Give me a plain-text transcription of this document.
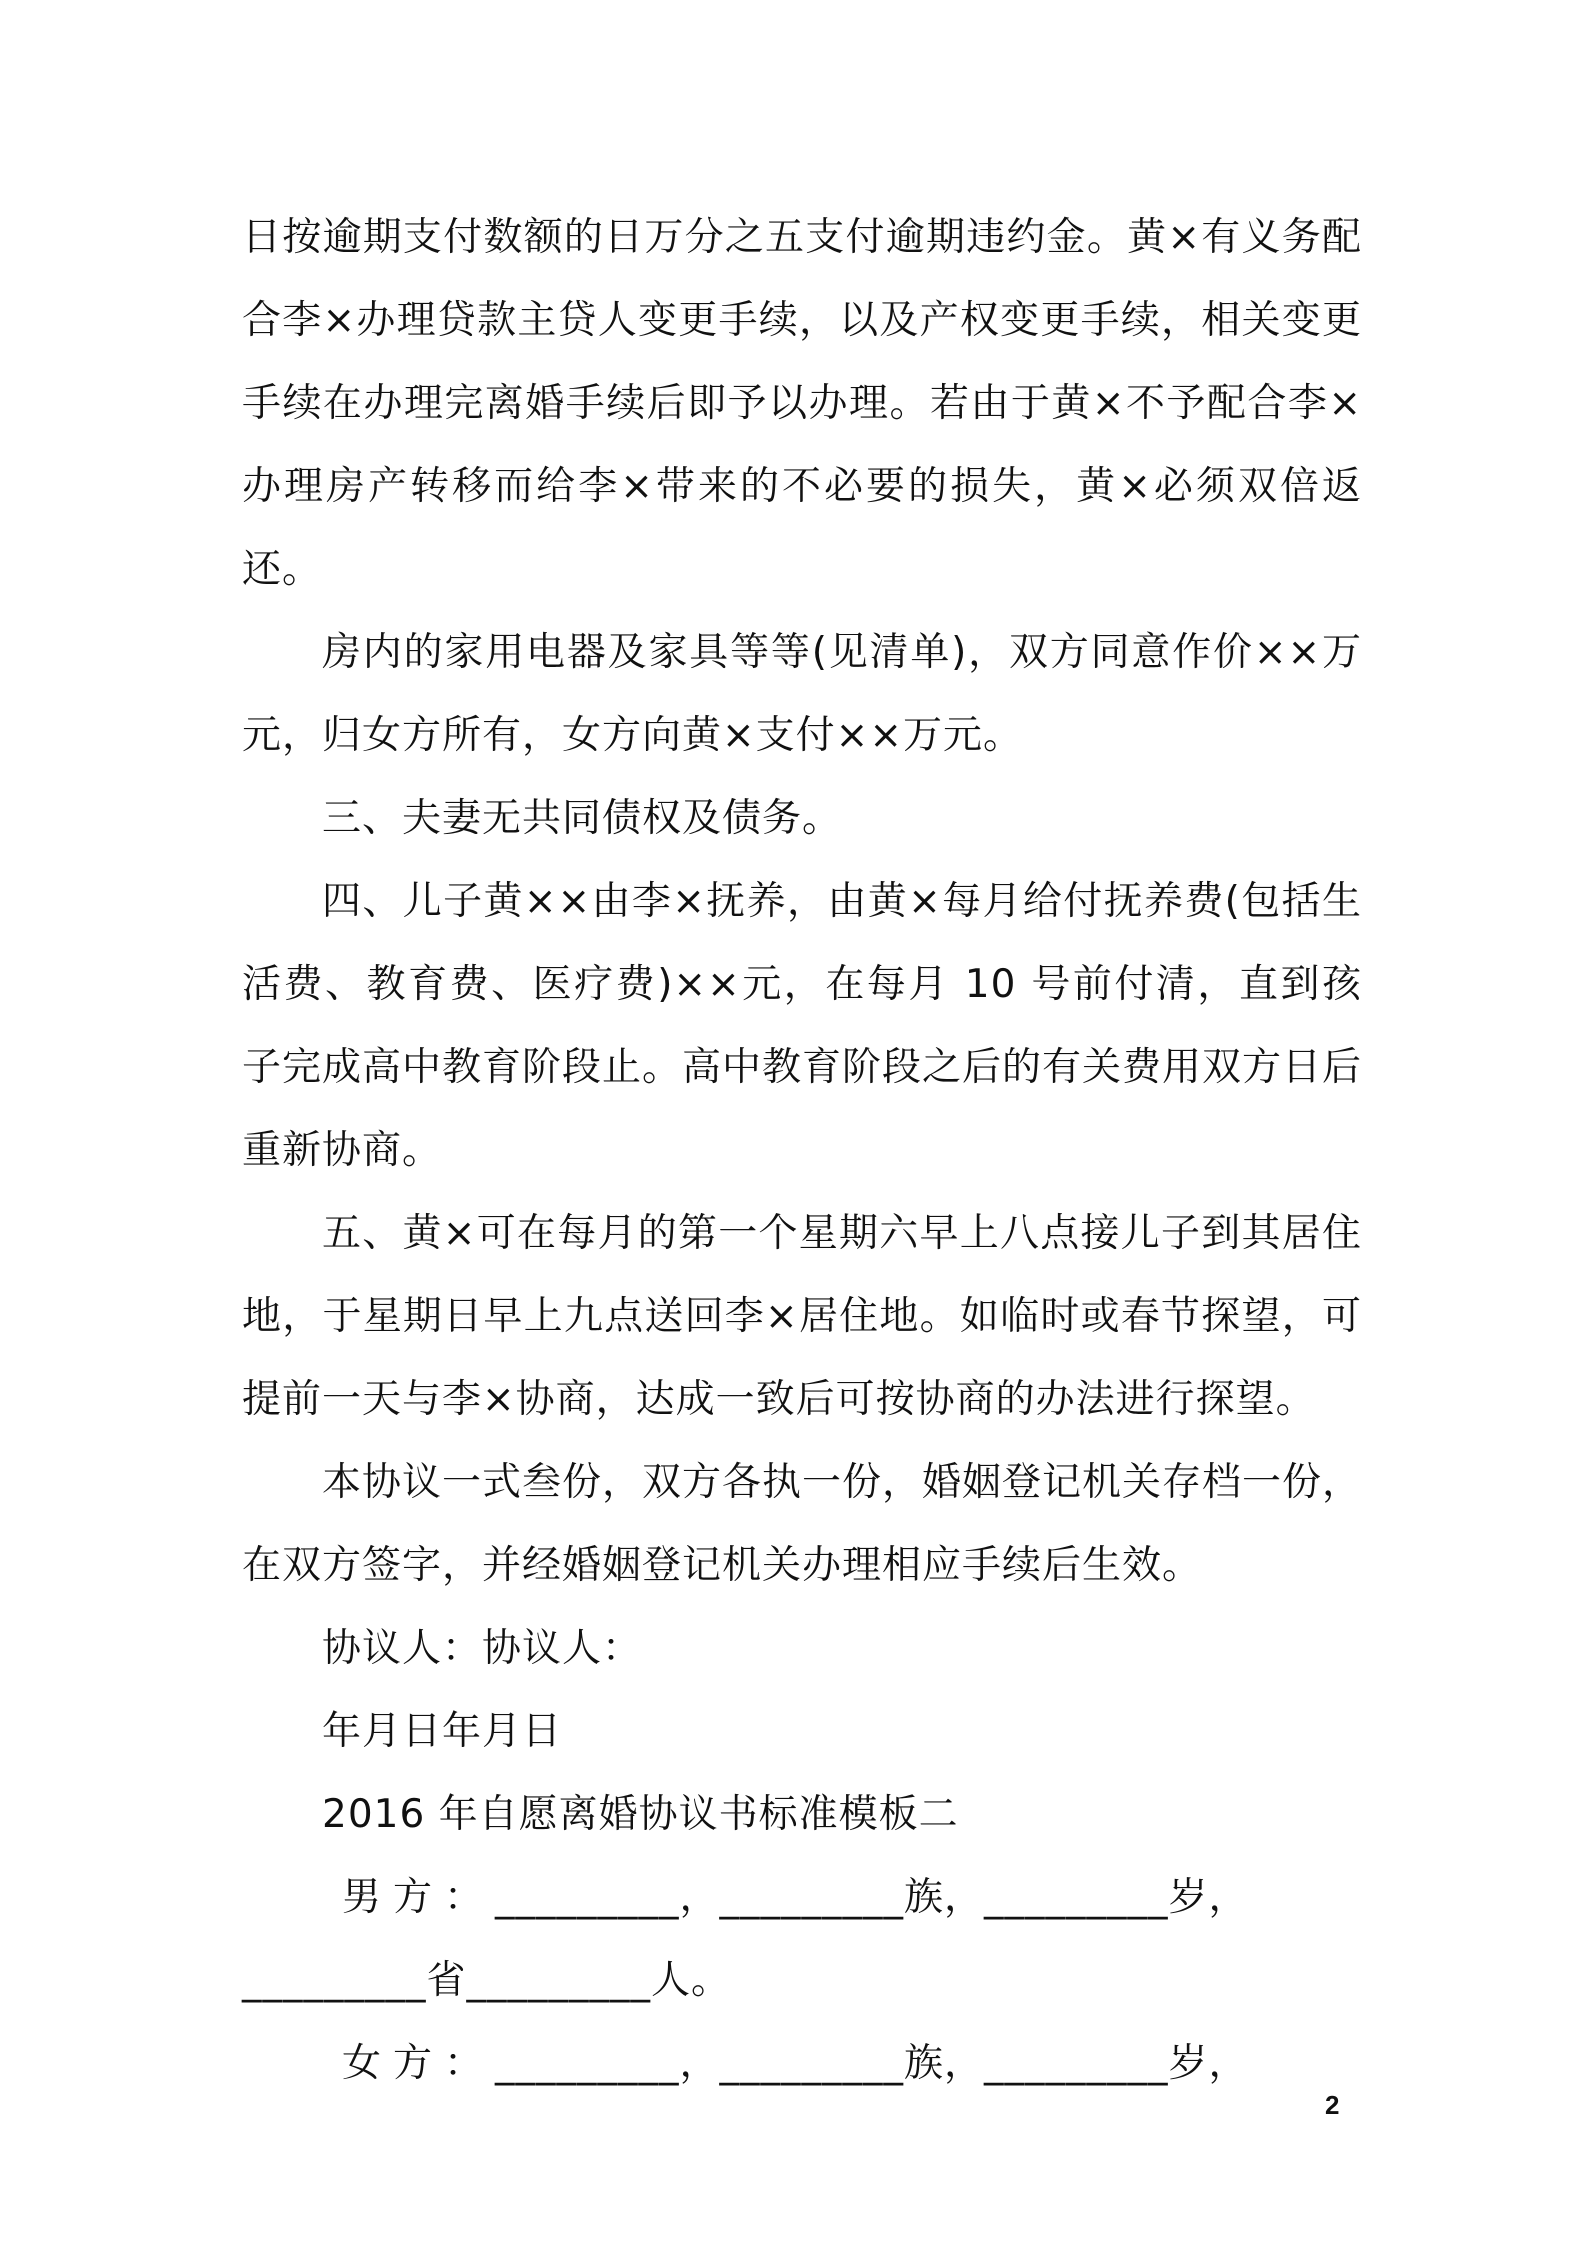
日按逾期支付数额的日万分之五支付逾期违约金。黄×有义务配合李×办理贷款主贷人变更手续，以及产权变更手续，相关变更手续在办理完离婚手续后即予以办理。若由于黄×不予配合李×办理房产转移而给李×带来的不必要的损失，黄×必须双倍返还。

房内的家用电器及家具等等(见清单)，双方同意作价××万元，归女方所有，女方向黄×支付××万元。

三、夫妻无共同债权及债务。

四、儿子黄××由李×抚养，由黄×每月给付抚养费(包括生活费、教育费、医疗费)××元，在每月 10 号前付清，直到孩子完成高中教育阶段止。高中教育阶段之后的有关费用双方日后重新协商。

五、黄×可在每月的第一个星期六早上八点接儿子到其居住地，于星期日早上九点送回李×居住地。如临时或春节探望，可提前一天与李×协商，达成一致后可按协商的办法进行探望。

本协议一式叁份，双方各执一份，婚姻登记机关存档一份，在双方签字，并经婚姻登记机关办理相应手续后生效。

协议人：协议人：

年月日年月日

2016 年自愿离婚协议书标准模板二

男方：_________，_________族，_________岁，

_________省_________人。

女方：_________，_________族，_________岁，

2
